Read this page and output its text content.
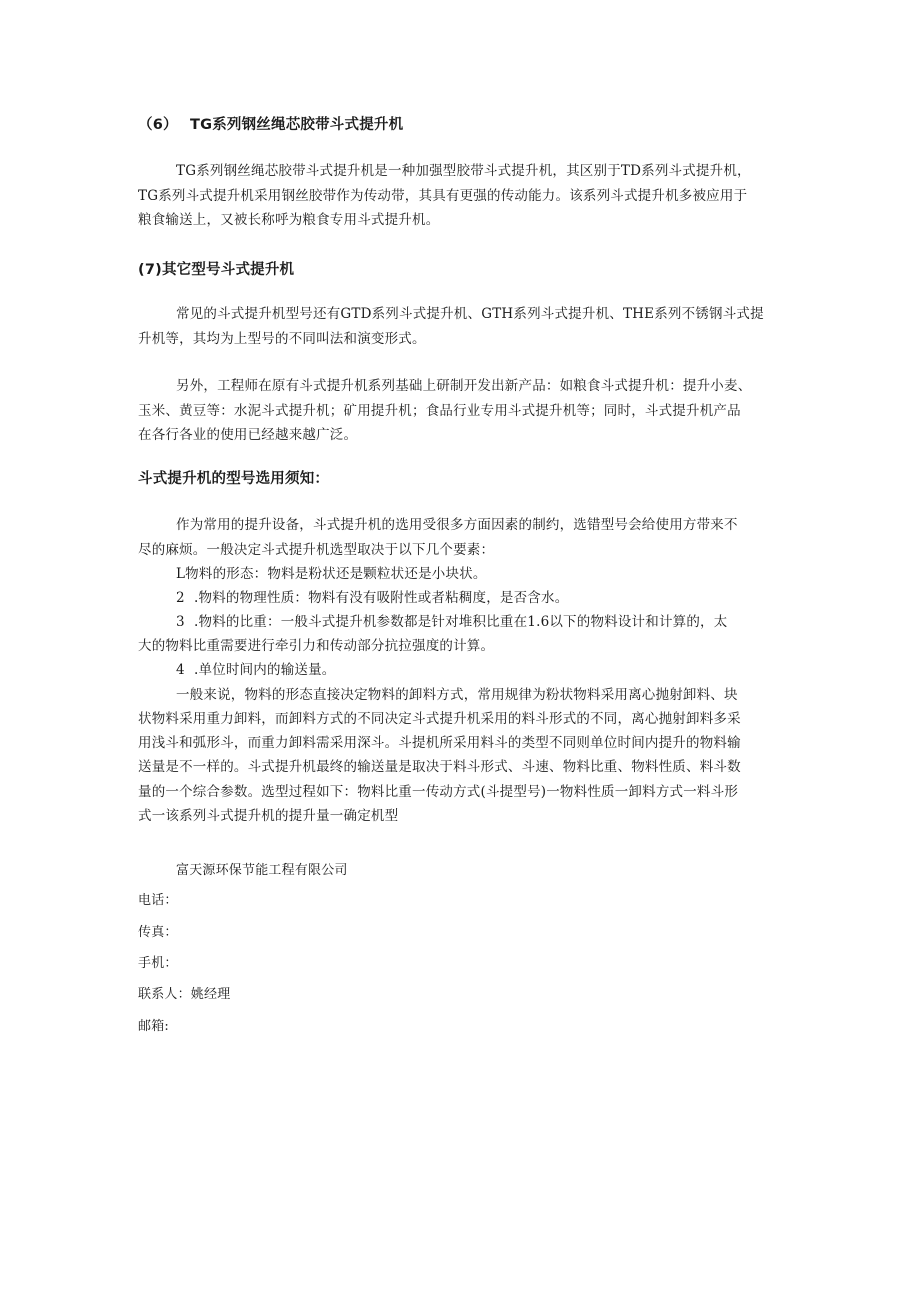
（6） TG系列钢丝绳芯胶带斗式提升机
TG系列钢丝绳芯胶带斗式提升机是一种加强型胶带斗式提升机，其区别于TD系列斗式提升机，
TG系列斗式提升机采用钢丝胶带作为传动带，其具有更强的传动能力。该系列斗式提升机多被应用于
粮食输送上，又被长称呼为粮食专用斗式提升机。
(7)其它型号斗式提升机
常见的斗式提升机型号还有GTD系列斗式提升机、GTH系列斗式提升机、THE系列不锈钢斗式提
升机等，其均为上型号的不同叫法和演变形式。
另外，工程师在原有斗式提升机系列基础上研制开发出新产品：如粮食斗式提升机：提升小麦、
玉米、黄豆等：水泥斗式提升机；矿用提升机；食品行业专用斗式提升机等；同时，斗式提升机产品
在各行各业的使用已经越来越广泛。
斗式提升机的型号选用须知：
作为常用的提升设备，斗式提升机的选用受很多方面因素的制约，选错型号会给使用方带来不
尽的麻烦。一般决定斗式提升机选型取决于以下几个要素：
L物料的形态：物料是粉状还是颗粒状还是小块状。
2 .物料的物理性质：物料有没有吸附性或者粘稠度，是否含水。
3 .物料的比重：一般斗式提升机参数都是针对堆积比重在1.6以下的物料设计和计算的，太
大的物料比重需要进行牵引力和传动部分抗拉强度的计算。
4 .单位时间内的输送量。
一般来说，物料的形态直接决定物料的卸料方式，常用规律为粉状物料采用离心抛射卸料、块
状物料采用重力卸料，而卸料方式的不同决定斗式提升机采用的料斗形式的不同，离心抛射卸料多采
用浅斗和弧形斗，而重力卸料需采用深斗。斗提机所采用料斗的类型不同则单位时间内提升的物料输
送量是不一样的。斗式提升机最终的输送量是取决于料斗形式、斗速、物料比重、物料性质、料斗数
量的一个综合参数。选型过程如下：物料比重一传动方式(斗提型号)一物料性质一卸料方式一料斗形
式一该系列斗式提升机的提升量一确定机型
富天源环保节能工程有限公司
电话：
传真：
手机：
联系人：姚经理
邮箱:
